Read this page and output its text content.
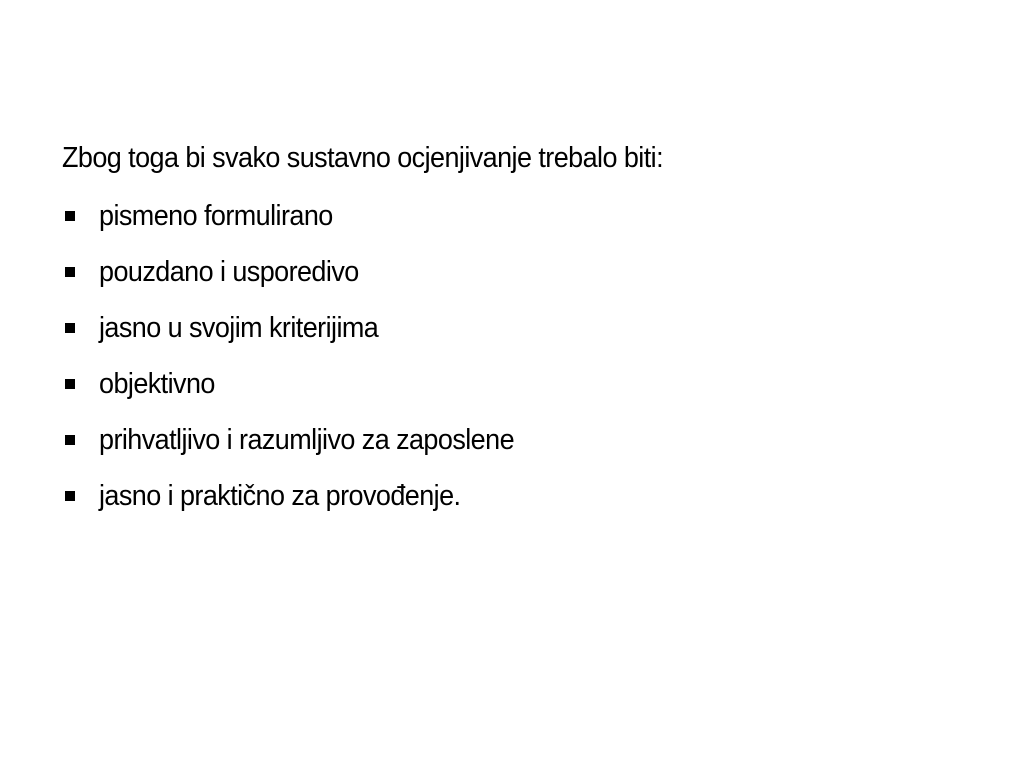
Zbog toga bi svako sustavno ocjenjivanje trebalo biti:

pismeno formulirano
pouzdano i usporedivo
jasno u svojim kriterijima
objektivno
prihvatljivo i razumljivo za zaposlene
jasno i praktično za provođenje.
